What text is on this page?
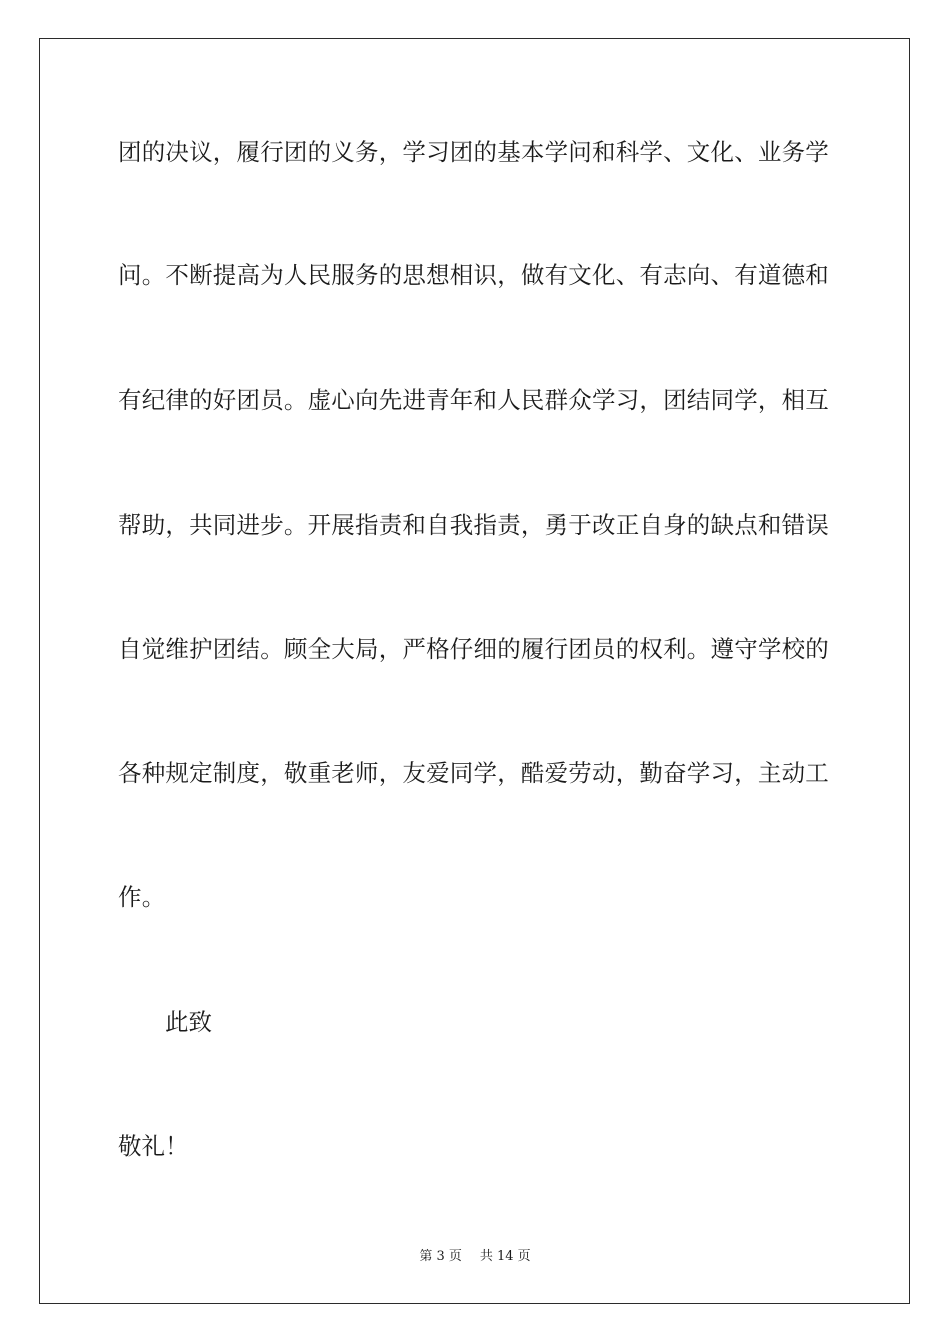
团的决议，履行团的义务，学习团的基本学问和科学、文化、业务学

问。不断提高为人民服务的思想相识，做有文化、有志向、有道德和

有纪律的好团员。虚心向先进青年和人民群众学习，团结同学，相互

帮助，共同进步。开展指责和自我指责，勇于改正自身的缺点和错误

自觉维护团结。顾全大局，严格仔细的履行团员的权利。遵守学校的

各种规定制度，敬重老师，友爱同学，酷爱劳动，勤奋学习，主动工

作。

此致

敬礼！

第 3 页 共 14 页
